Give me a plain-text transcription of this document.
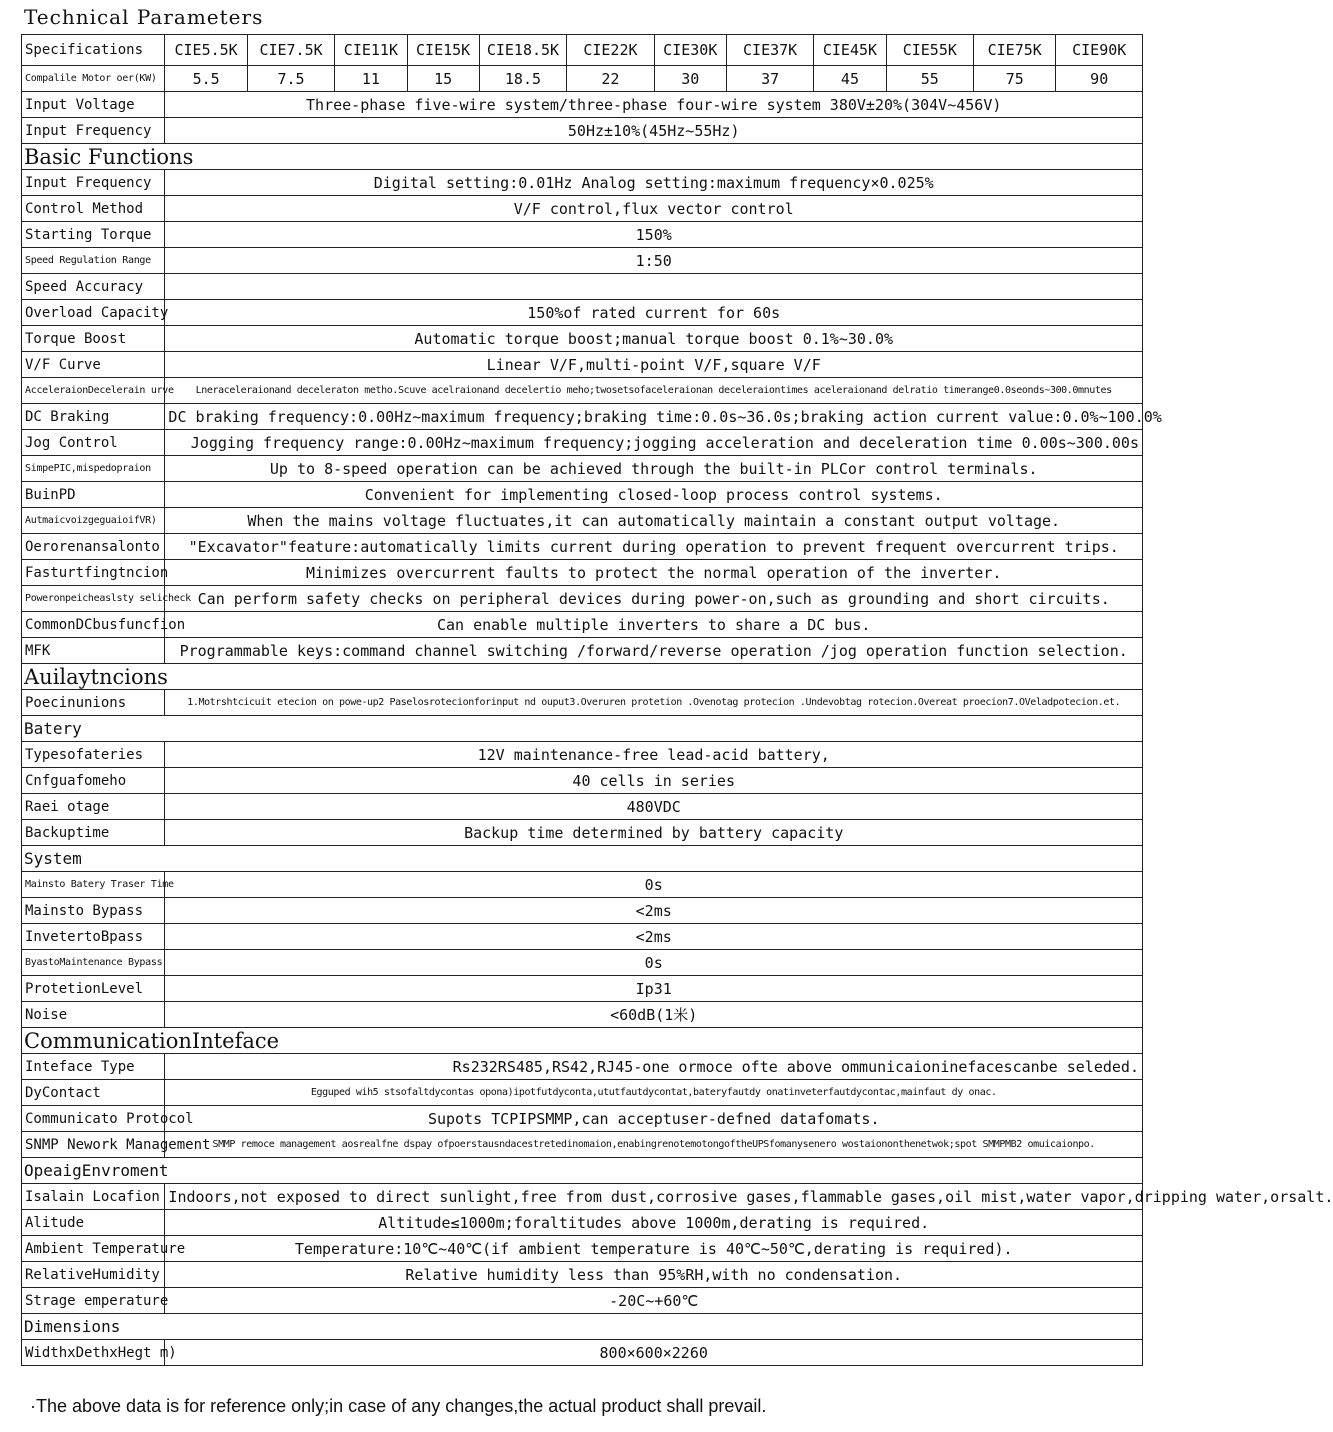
Technical Parameters
Specifications	CIE5.5K	CIE7.5K	CIE11K	CIE15K	CIE18.5K	CIE22K	CIE30K	CIE37K	CIE45K	CIE55K	CIE75K	CIE90K
Compalile Motor oer(KW)	5.5	7.5	11	15	18.5	22	30	37	45	55	75	90
Input Voltage	Three-phase five-wire system/three-phase four-wire system 380V±20%(304V~456V)											
Input Frequency	50Hz±10%(45Hz~55Hz)											
Basic Functions												
Input Frequency	Digital setting:0.01Hz Analog setting:maximum frequency×0.025%											
Control Method	V/F control,flux vector control											
Starting Torque	150%											
Speed Regulation Range	1:50											
Speed Accuracy												
Overload Capacity	150%of rated current for 60s											
Torque Boost	Automatic torque boost;manual torque boost 0.1%~30.0%											
V/F Curve	Linear V/F,multi-point V/F,square V/F											
AcceleraionDecelerain urve	Lneraceleraionand deceleraton metho.Scuve acelraionand decelertio meho;twosetsofaceleraionan deceleraiontimes aceleraionand delratio timerange0.0seonds~300.0mnutes											
DC Braking	DC braking frequency:0.00Hz~maximum frequency;braking time:0.0s~36.0s;braking action current value:0.0%~100.0%											
Jog Control	Jogging frequency range:0.00Hz~maximum frequency;jogging acceleration and deceleration time 0.00s~300.00s											
SimpePIC,mispedopraion	Up to 8-speed operation can be achieved through the built-in PLCor control terminals.											
BuinPD	Convenient for implementing closed-loop process control systems.											
AutmaicvoizgeguaioifVR)	When the mains voltage fluctuates,it can automatically maintain a constant output voltage.											
Oerorenansalonto	"Excavator"feature:automatically limits current during operation to prevent frequent overcurrent trips.											
Fasturtfingtncion	Minimizes overcurrent faults to protect the normal operation of the inverter.											
Poweronpeicheaslsty selicheck	Can perform safety checks on peripheral devices during power-on,such as grounding and short circuits.											
CommonDCbusfuncfion	Can enable multiple inverters to share a DC bus.											
MFK	Programmable keys:command channel switching /forward/reverse operation /jog operation function selection.											
Auilaytncions												
Poecinunions	1.Motrshtcicuit etecion on powe-up2 Paselosrotecionforinput nd ouput3.Overuren protetion .Ovenotag protecion .Undevobtag rotecion.Overeat proecion7.OVeladpotecion.et.											
Batery												
Typesofateries	12V maintenance-free lead-acid battery,											
Cnfguafomeho	40 cells in series											
Raei otage	480VDC											
Backuptime	Backup time determined by battery capacity											
System												
Mainsto Batery Traser Time	0s											
Mainsto Bypass	<2ms											
InvetertoBpass	<2ms											
ByastoMaintenance Bypass	0s											
ProtetionLevel	Ip31											
Noise	<60dB(1米)											
CommunicationInteface												
Inteface Type	Rs232RS485,RS42,RJ45-one ormoce ofte above ommunicaioninefacescanbe seleded.											
DyContact	Egguped wih5 stsofaltdycontas opona)ipotfutdyconta,ututfautdycontat,bateryfautdy onatinveterfautdycontac,mainfaut dy onac.											
Communicato Protocol	Supots TCPIPSMMP,can acceptuser-defned datafomats.											
SNMP Nework Management	SMMP remoce management aosrealfne dspay ofpoerstausndacestretedinomaion,enabingrenotemotongoftheUPSfomanysenero wostaiononthenetwok;spot SMMPMB2 omuicaionpo.											
OpeaigEnvroment												
Isalain Locafion	Indoors,not exposed to direct sunlight,free from dust,corrosive gases,flammable gases,oil mist,water vapor,dripping water,orsalt.											
Alitude	Altitude≤1000m;foraltitudes above 1000m,derating is required.											
Ambient Temperature	Temperature:10℃~40℃(if ambient temperature is 40℃~50℃,derating is required).											
RelativeHumidity	Relative humidity less than 95%RH,with no condensation.											
Strage emperature	-20C~+60℃											
Dimensions												
WidthxDethxHegt m)	800×600×2260											
·The above data is for reference only;in case of any changes,the actual product shall prevail.
